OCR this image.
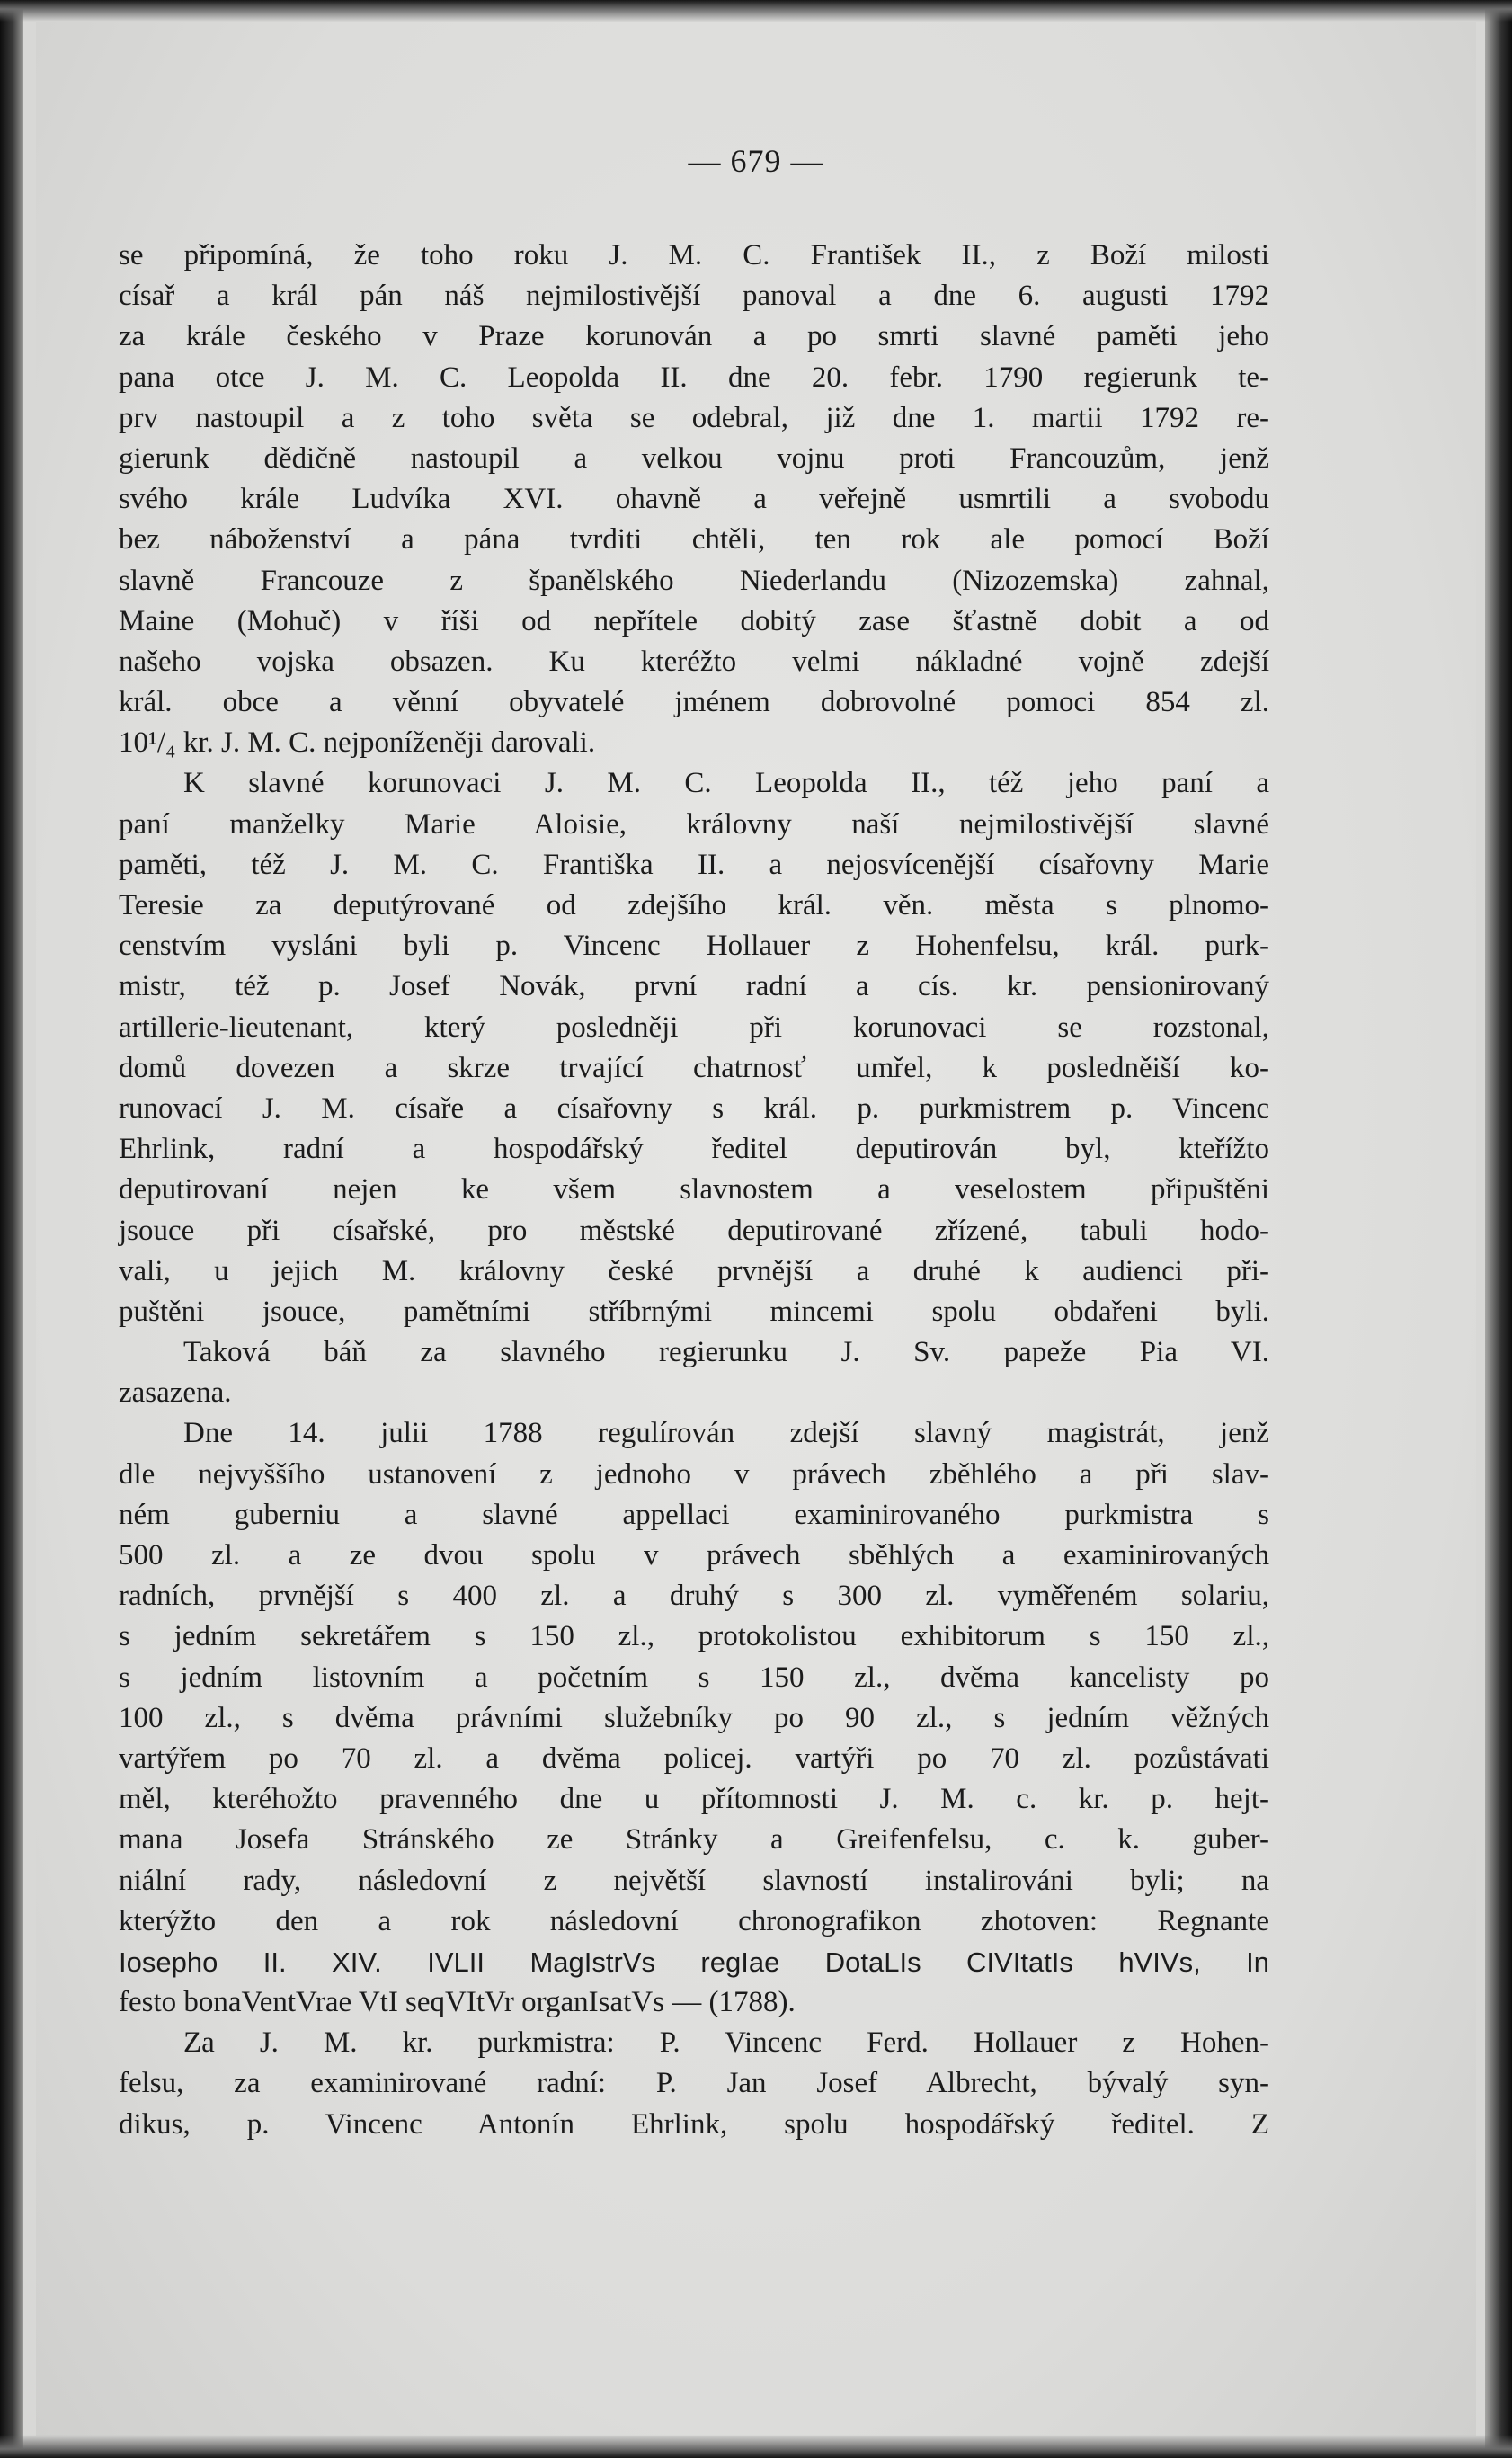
— 679 —
se připomíná, že toho roku J. M. C. František II., z Boží milosti
císař a král pán náš nejmilostivější panoval a dne 6. augusti 1792
za krále českého v Praze korunován a po smrti slavné paměti jeho
pana otce J. M. C. Leopolda II. dne 20. febr. 1790 regierunk te-
prv nastoupil a z toho světa se odebral, již dne 1. martii 1792 re-
gierunk dědičně nastoupil a velkou vojnu proti Francouzům, jenž
svého krále Ludvíka XVI. ohavně a veřejně usmrtili a svobodu
bez náboženství a pána tvrditi chtěli, ten rok ale pomocí Boží
slavně Francouze z španělského Niederlandu (Nizozemska) zahnal,
Maine (Mohuč) v říši od nepřítele dobitý zase šťastně dobit a od
našeho vojska obsazen. Ku kteréžto velmi nákladné vojně zdejší
král. obce a věnní obyvatelé jménem dobrovolné pomoci 854 zl.
10¹/₄ kr. J. M. C. nejponíženěji darovali.
K slavné korunovaci J. M. C. Leopolda II., též jeho paní a
paní manželky Marie Aloisie, královny naší nejmilostivější slavné
paměti, též J. M. C. Františka II. a nejosvícenější císařovny Marie
Teresie za deputýrované od zdejšího král. věn. města s plnomo-
censtvím vysláni byli p. Vincenc Hollauer z Hohenfelsu, král. purk-
mistr, též p. Josef Novák, první radní a cís. kr. pensionirovaný
artillerie-lieutenant, který posledněji při korunovaci se rozstonal,
domů dovezen a skrze trvající chatrnosť umřel, k posledněiší ko-
runovací J. M. císaře a císařovny s král. p. purkmistrem p. Vincenc
Ehrlink, radní a hospodářský ředitel deputirován byl, kteřížto
deputirovaní nejen ke všem slavnostem a veselostem připuštěni
jsouce při císařské, pro městské deputirované zřízené, tabuli hodo-
vali, u jejich M. královny české prvnější a druhé k audienci při-
puštěni jsouce, pamětními stříbrnými mincemi spolu obdařeni byli.
Taková báň za slavného regierunku J. Sv. papeže Pia VI.
zasazena.
Dne 14. julii 1788 regulírován zdejší slavný magistrát, jenž
dle nejvyššího ustanovení z jednoho v právech zběhlého a při slav-
ném guberniu a slavné appellaci examinirovaného purkmistra s
500 zl. a ze dvou spolu v právech sběhlých a examinirovaných
radních, prvnější s 400 zl. a druhý s 300 zl. vyměřeném solariu,
s jedním sekretářem s 150 zl., protokolistou exhibitorum s 150 zl.,
s jedním listovním a početním s 150 zl., dvěma kancelisty po
100 zl., s dvěma právními služebníky po 90 zl., s jedním věžných
vartýřem po 70 zl. a dvěma policej. vartýři po 70 zl. pozůstávati
měl, kteréhožto pravenného dne u přítomnosti J. M. c. kr. p. hejt-
mana Josefa Stránského ze Stránky a Greifenfelsu, c. k. guber-
niální rady, následovní z největší slavností instalirováni byli; na
kterýžto den a rok následovní chronografikon zhotoven: Regnante
Iosepho II. XIV. IVLII MagIstrVs regIae DotaLIs CIVItatIs hVIVs, In
festo bonaVentVrae VtI seqVItVr organIsatVs — (1788).
Za J. M. kr. purkmistra: P. Vincenc Ferd. Hollauer z Hohen-
felsu, za examinirované radní: P. Jan Josef Albrecht, bývalý syn-
dikus, p. Vincenc Antonín Ehrlink, spolu hospodářský ředitel. Z
